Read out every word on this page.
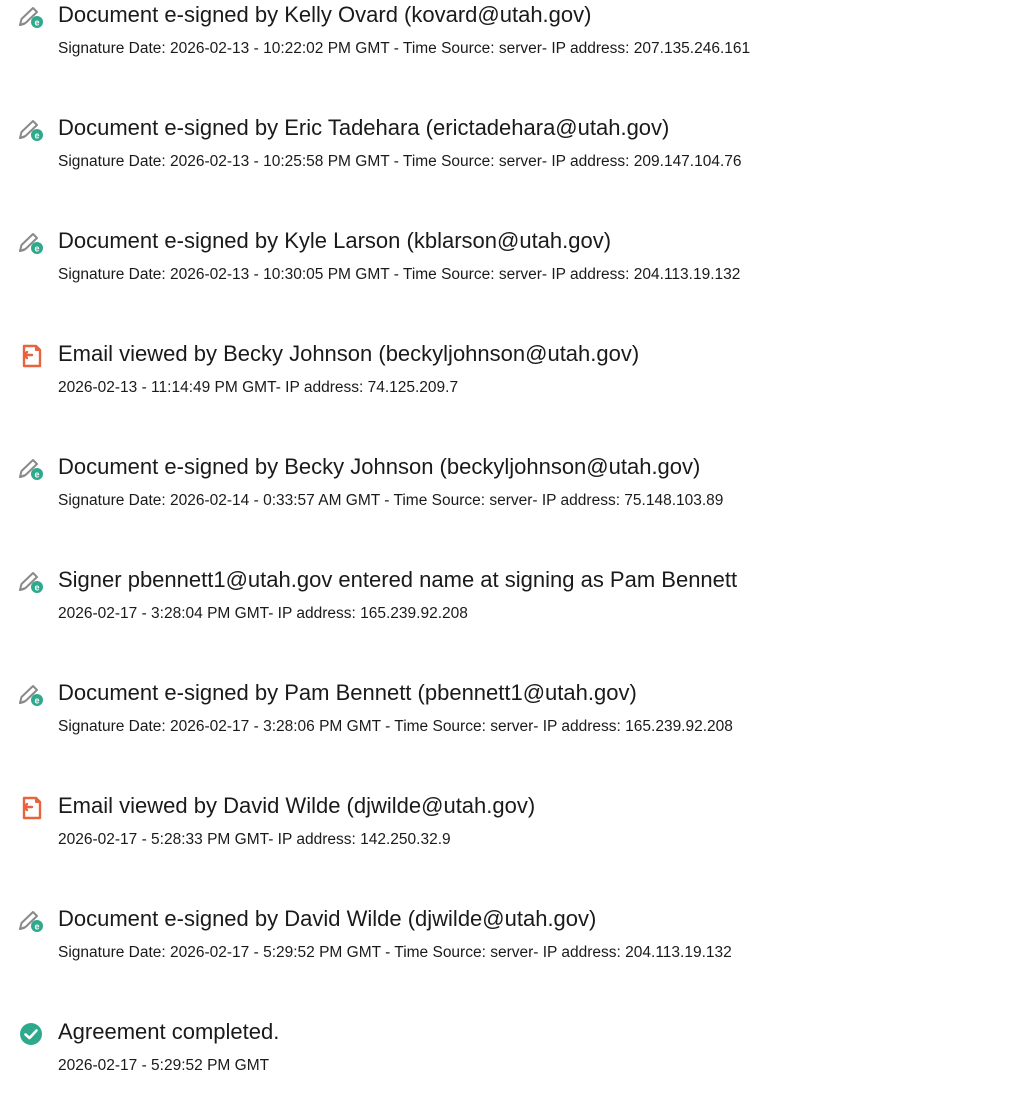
e Document e-signed by Kelly Ovard (kovard@utah.gov)
Signature Date: 2026-02-13 - 10:22:02 PM GMT - Time Source: server- IP address: 207.135.246.161
e Document e-signed by Eric Tadehara (erictadehara@utah.gov)
Signature Date: 2026-02-13 - 10:25:58 PM GMT - Time Source: server- IP address: 209.147.104.76
e Document e-signed by Kyle Larson (kblarson@utah.gov)
Signature Date: 2026-02-13 - 10:30:05 PM GMT - Time Source: server- IP address: 204.113.19.132
Email viewed by Becky Johnson (beckyljohnson@utah.gov)
2026-02-13 - 11:14:49 PM GMT- IP address: 74.125.209.7
e Document e-signed by Becky Johnson (beckyljohnson@utah.gov)
Signature Date: 2026-02-14 - 0:33:57 AM GMT - Time Source: server- IP address: 75.148.103.89
e Signer pbennett1@utah.gov entered name at signing as Pam Bennett
2026-02-17 - 3:28:04 PM GMT- IP address: 165.239.92.208
e Document e-signed by Pam Bennett (pbennett1@utah.gov)
Signature Date: 2026-02-17 - 3:28:06 PM GMT - Time Source: server- IP address: 165.239.92.208
Email viewed by David Wilde (djwilde@utah.gov)
2026-02-17 - 5:28:33 PM GMT- IP address: 142.250.32.9
e Document e-signed by David Wilde (djwilde@utah.gov)
Signature Date: 2026-02-17 - 5:29:52 PM GMT - Time Source: server- IP address: 204.113.19.132
Agreement completed.
2026-02-17 - 5:29:52 PM GMT
